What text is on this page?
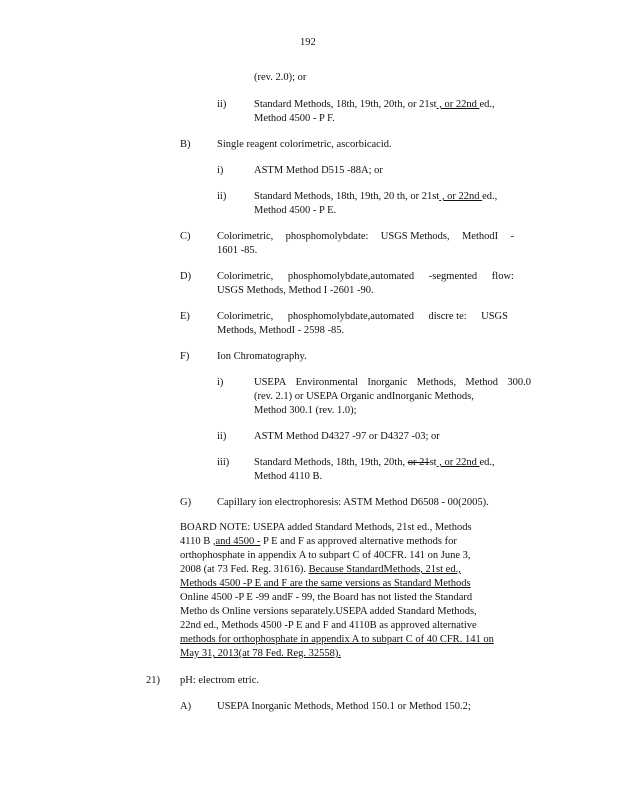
192
(rev. 2.0); or
ii)	Standard Methods, 18th, 19th, 20th, or 21st , or 22nd ed.,
Method 4500 - P F.
B)	Single reagent colorimetric, ascorbicacid.
i)	ASTM Method D515 -88A; or
ii)	Standard Methods, 18th, 19th, 20 th, or 21st , or 22nd ed.,
Method 4500 - P E.
C)	Colorimetric, phosphomolybdate: USGS Methods, MethodI -
1601 -85.
D) Colorimetric, phosphomolybdate,automated -segmented flow:
USGS Methods, Method I -2601 -90.
E)	Colorimetric, phosphomolybdate,automated discre te: USGS
Methods, MethodI - 2598 -85.
F)	Ion Chromatography.
i)	USEPA Environmental Inorganic Methods, Method 300.0
(rev. 2.1) or USEPA Organic andInorganic Methods,
Method 300.1 (rev. 1.0);
ii)	ASTM Method D4327 -97 or D4327 -03; or
iii) Standard Methods, 18th, 19th, 20th, or 21st , or 22nd ed.,
Method 4110 B.
G) Capillary ion electrophoresis: ASTM Method D6508 - 00(2005).
BOARD NOTE: USEPA added Standard Methods, 21st ed., Methods
4110 B ,and 4500 - P E and F as approved alternative methods for
orthophosphate in appendix A to subpart C of 40CFR. 141 on June 3,
2008 (at 73 Fed. Reg. 31616). Because StandardMethods, 21st ed.,
Methods 4500 -P E and F are the same versions as Standard Methods
Online 4500 -P E -99 andF - 99, the Board has not listed the Standard
Metho ds Online versions separately.USEPA added Standard Methods,
22nd ed., Methods 4500 -P E and F and 4110B as approved alternative
methods for orthophosphate in appendix A to subpart C of 40 CFR. 141 on
May 31, 2013(at 78 Fed. Reg. 32558).
21) pH: electrom etric.
A) USEPA Inorganic Methods, Method 150.1 or Method 150.2;
